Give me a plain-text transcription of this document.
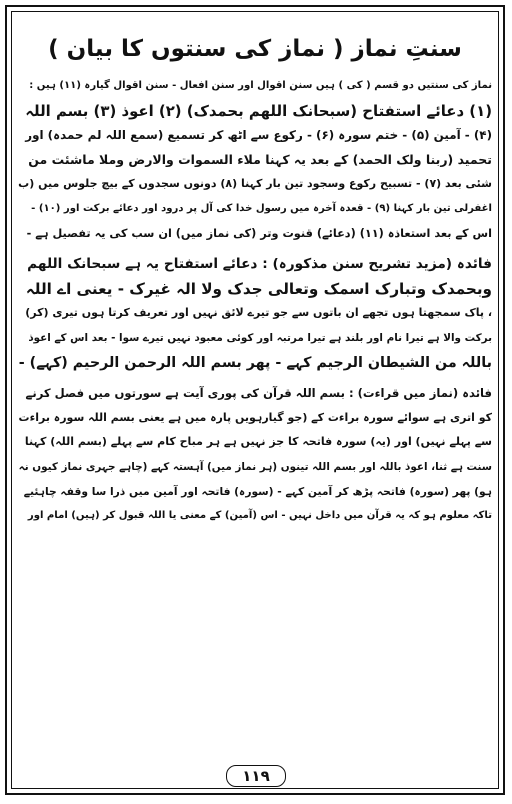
سنتِ نماز ( نماز کی سنتوں کا بیان )

نماز کی سنتیں دو قسم ( کی ) ہیں سنن اقوال اور سنن افعال - سنن اقوال گیارہ (۱۱) ہیں :

(۱) دعائے استفتاح (سبحانک اللھم بحمدک) (۲) اعوذ (۳) بسم اللہ

(۴) - آمین (۵) - ختم سورہ (۶) - رکوع سے اٹھ کر تسمیع (سمع اللہ لم حمدہ) اور

تحمید (ربنا ولک الحمد) کے بعد یہ کہنا ملاء السموات والارض وملا ماشئت من

شئی بعد (۷) - تسبیح رکوع وسجود تین بار کہنا (۸) دونوں سجدوں کے بیچ جلوس میں (ب

اغفرلی تین بار کہنا (۹) - قعدہ آخرہ میں رسول خدا کی آل پر درود اور دعائے برکت اور (۱۰) -

اس کے بعد استعاذہ (۱۱) (دعائے) قنوت وتر (کی نماز میں) ان سب کی یہ تفصیل ہے -

فائدہ (مزید تشریح سنن مذکورہ) : دعائے استفتاح یہ ہے سبحانک اللھم

وبحمدک وتبارک اسمک وتعالی جدک ولا الہ غیرک - یعنی اے اللہ

، پاک سمجھتا ہوں تجھے ان باتوں سے جو تیرے لائق نہیں اور تعریف کرتا ہوں تیری (کر)

برکت والا ہے تیرا نام اور بلند ہے تیرا مرتبہ اور کوئی معبود نہیں تیرے سوا - بعد اس کے اعوذ

باللہ من الشیطان الرجیم کہے - پھر بسم اللہ الرحمن الرحیم (کہے) -

فائدہ (نماز میں قراءت) : بسم اللہ قرآن کی پوری آیت ہے سورتوں میں فصل کرنے

کو اتری ہے سوائے سورہ براءت کے (جو گیارہویں پارہ میں ہے یعنی بسم اللہ سورہ براءت

سے پہلے نہیں) اور (یہ) سورہ فاتحہ کا جز نہیں ہے ہر مباح کام سے پہلے (بسم اللہ) کہنا

سنت ہے ثنا، اعوذ باللہ اور بسم اللہ تینوں (ہر نماز میں) آہستہ کہے (چاہے جہری نماز کیوں نہ

ہو) پھر (سورہ) فاتحہ پڑھ کر آمین کہے - (سورہ) فاتحہ اور آمین میں ذرا سا وقفہ چاہئیے

تاکہ معلوم ہو کہ یہ قرآن میں داخل نہیں - اس (آمین) کے معنی یا اللہ قبول کر (ہیں) امام اور

۱۱۹
